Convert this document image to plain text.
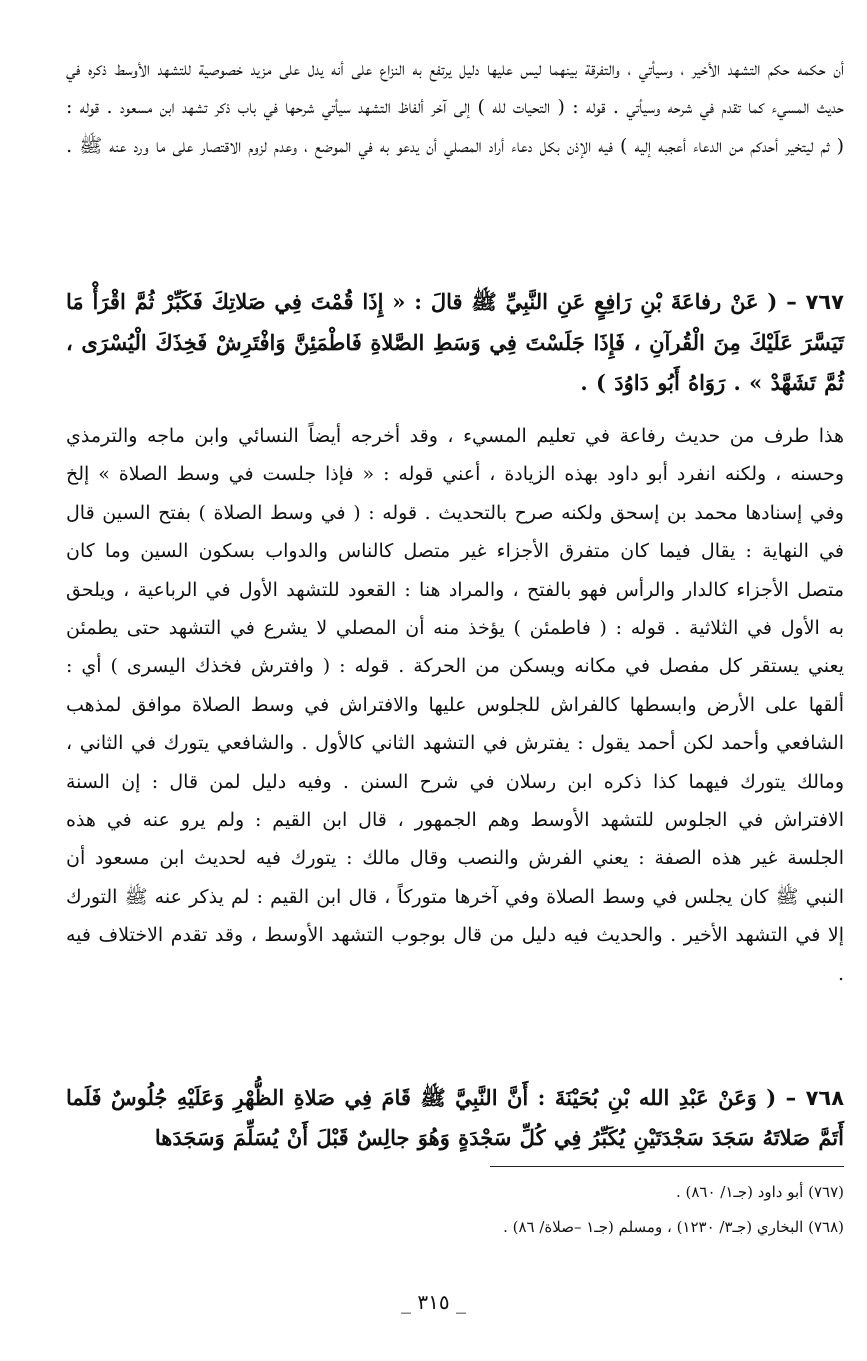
أن حكمه حكم التشهد الأخير ، وسيأتي ، والتفرقة بينهما ليس عليها دليل يرتفع به النزاع على أنه يدل على مزيد خصوصية للتشهد الأوسط ذكره في حديث المسيء كما تقدم في شرحه وسيأتي . قوله : ( التحيات لله ) إلى آخر ألفاظ التشهد سيأتي شرحها في باب ذكر تشهد ابن مسعود . قوله : ( ثم ليتخير أحدكم من الدعاء أعجبه إليه ) فيه الإذن بكل دعاء أراد المصلي أن يدعو به في الموضع ، وعدم لزوم الاقتصار على ما ورد عنه ﷺ .
٧٦٧ – ( عَنْ رفاعَةَ بْنِ رَافِعٍ عَنِ النَّبِيِّ ﷺ قالَ : « إِذَا قُمْتَ فِي صَلاتِكَ فَكَبِّرْ ثُمَّ اقْرَأْ مَا تَيَسَّرَ عَلَيْكَ مِنَ الْقُرآنِ ، فَإِذَا جَلَسْتَ فِي وَسَطِ الصَّلاةِ فَاطْمَئِنَّ وَافْتَرِشْ فَخِذَكَ الْيُسْرَى ، ثُمَّ تَشَهَّدْ » . رَوَاهُ أَبُو دَاوُدَ ) .
هذا طرف من حديث رفاعة في تعليم المسيء ، وقد أخرجه أيضاً النسائي وابن ماجه والترمذي وحسنه ، ولكنه انفرد أبو داود بهذه الزيادة ، أعني قوله : « فإذا جلست في وسط الصلاة » إلخ وفي إسنادها محمد بن إسحق ولكنه صرح بالتحديث . قوله : ( في وسط الصلاة ) بفتح السين قال في النهاية : يقال فيما كان متفرق الأجزاء غير متصل كالناس والدواب بسكون السين وما كان متصل الأجزاء كالدار والرأس فهو بالفتح ، والمراد هنا : القعود للتشهد الأول في الرباعية ، ويلحق به الأول في الثلاثية . قوله : ( فاطمئن ) يؤخذ منه أن المصلي لا يشرع في التشهد حتى يطمئن يعني يستقر كل مفصل في مكانه ويسكن من الحركة . قوله : ( وافترش فخذك اليسرى ) أي : ألقها على الأرض وابسطها كالفراش للجلوس عليها والافتراش في وسط الصلاة موافق لمذهب الشافعي وأحمد لكن أحمد يقول : يفترش في التشهد الثاني كالأول . والشافعي يتورك في الثاني ، ومالك يتورك فيهما كذا ذكره ابن رسلان في شرح السنن . وفيه دليل لمن قال : إن السنة الافتراش في الجلوس للتشهد الأوسط وهم الجمهور ، قال ابن القيم : ولم يرو عنه في هذه الجلسة غير هذه الصفة : يعني الفرش والنصب وقال مالك : يتورك فيه لحديث ابن مسعود أن النبي ﷺ كان يجلس في وسط الصلاة وفي آخرها متوركاً ، قال ابن القيم : لم يذكر عنه ﷺ التورك إلا في التشهد الأخير . والحديث فيه دليل من قال بوجوب التشهد الأوسط ، وقد تقدم الاختلاف فيه .
٧٦٨ – ( وَعَنْ عَبْدِ الله بْنِ بُحَيْنَةَ : أَنَّ النَّبِيَّ ﷺ قَامَ فِي صَلاةِ الظُّهْرِ وَعَلَيْهِ جُلُوسٌ فَلَما أَتَمَّ صَلاتَهُ سَجَدَ سَجْدَتَيْنِ يُكَبِّرُ فِي كُلِّ سَجْدَةٍ وَهُوَ جالِسٌ قَبْلَ أَنْ يُسَلِّمَ وَسَجَدَها
(٧٦٧) أبو داود (جـ١/ ٨٦٠) .
(٧٦٨) البخاري (جـ٣/ ١٢٣٠) ، ومسلم (جـ١ –صلاة/ ٨٦) .
_ ٣١٥ _
